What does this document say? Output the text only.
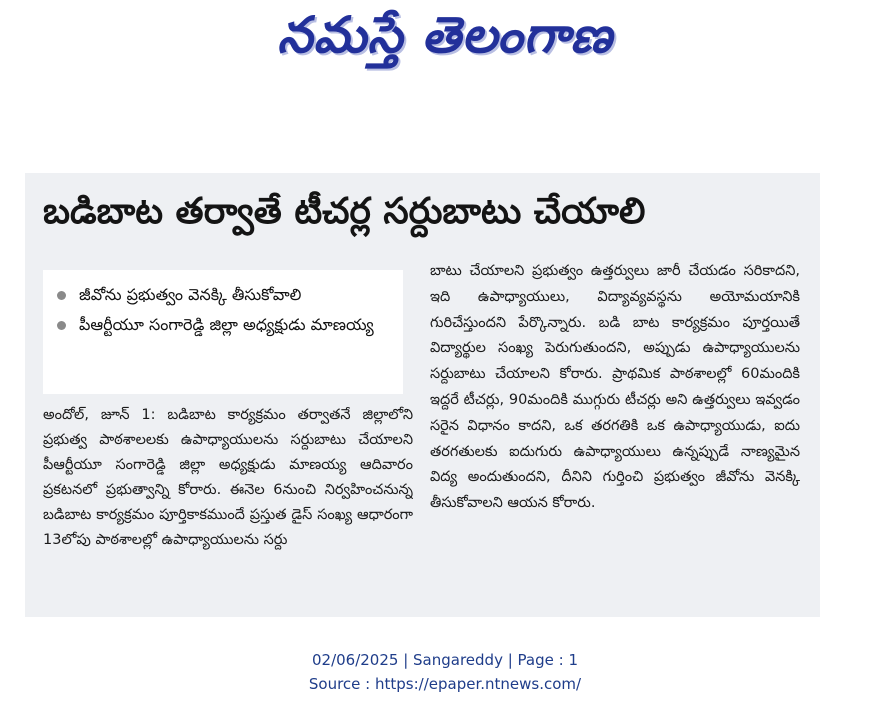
నమస్తే తెలంగాణ
బడిబాట తర్వాతే టీచర్ల సర్దుబాటు చేయాలి
జీవోను ప్రభుత్వం వెనక్కి తీసుకోవాలి
పీఆర్టీయూ సంగారెడ్డి జిల్లా అధ్యక్షుడు మాణయ్య
అందోల్, జూన్ 1: బడిబాట కార్యక్రమం తర్వాతనే జిల్లాలోని ప్రభుత్వ పాఠశాలలకు ఉపాధ్యాయులను సర్దుబాటు చేయాలని పీఆర్టీయూ సంగారెడ్డి జిల్లా అధ్యక్షుడు మాణయ్య ఆదివారం ప్రకటనలో ప్రభుత్వాన్ని కోరారు. ఈనెల 6నుంచి నిర్వహించనున్న బడిబాట కార్యక్రమం పూర్తికాకముందే ప్రస్తుత డైస్ సంఖ్య ఆధారంగా 13లోపు పాఠశాలల్లో ఉపాధ్యాయులను సర్దు
బాటు చేయాలని ప్రభుత్వం ఉత్తర్వులు జారీ చేయడం సరికాదని, ఇది ఉపాధ్యాయులు, విద్యావ్యవస్థను అయోమయానికి గురిచేస్తుందని పేర్కొన్నారు. బడి బాట కార్యక్రమం పూర్తయితే విద్యార్థుల సంఖ్య పెరుగుతుందని, అప్పుడు ఉపాధ్యాయులను సర్దుబాటు చేయాలని కోరారు. ప్రాథమిక పాఠశాలల్లో 60మందికి ఇద్దరే టీచర్లు, 90మందికి ముగ్గురు టీచర్లు అని ఉత్తర్వులు ఇవ్వడం సరైన విధానం కాదని, ఒక తరగతికి ఒక ఉపాధ్యాయుడు, ఐదు తరగతులకు ఐదుగురు ఉపాధ్యాయులు ఉన్నప్పుడే నాణ్యమైన విద్య అందుతుందని, దీనిని గుర్తించి ప్రభుత్వం జీవోను వెనక్కి తీసుకోవాలని ఆయన కోరారు.
02/06/2025 | Sangareddy | Page : 1
Source : https://epaper.ntnews.com/
